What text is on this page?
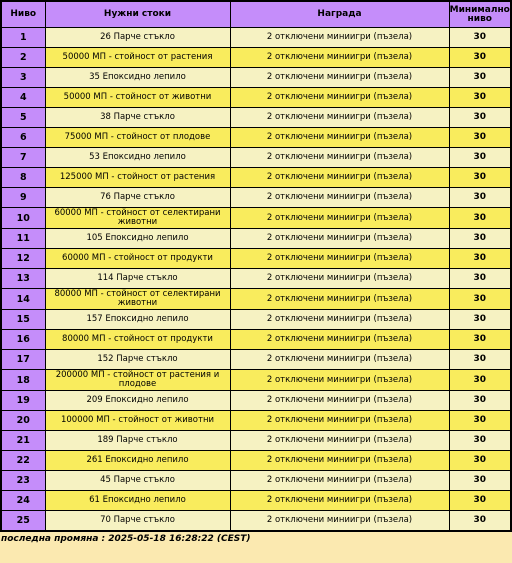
Ниво	Нужни стоки	Награда	Минимално ниво
1	26 Парче стъкло	2 отключени миниигри (пъзела)	30
2	50000 МП - стойност от растения	2 отключени миниигри (пъзела)	30
3	35 Епоксидно лепило	2 отключени миниигри (пъзела)	30
4	50000 МП - стойност от животни	2 отключени миниигри (пъзела)	30
5	38 Парче стъкло	2 отключени миниигри (пъзела)	30
6	75000 МП - стойност от плодове	2 отключени миниигри (пъзела)	30
7	53 Епоксидно лепило	2 отключени миниигри (пъзела)	30
8	125000 МП - стойност от растения	2 отключени миниигри (пъзела)	30
9	76 Парче стъкло	2 отключени миниигри (пъзела)	30
10	60000 МП - стойност от селектирани животни	2 отключени миниигри (пъзела)	30
11	105 Епоксидно лепило	2 отключени миниигри (пъзела)	30
12	60000 МП - стойност от продукти	2 отключени миниигри (пъзела)	30
13	114 Парче стъкло	2 отключени миниигри (пъзела)	30
14	80000 МП - стойност от селектирани животни	2 отключени миниигри (пъзела)	30
15	157 Епоксидно лепило	2 отключени миниигри (пъзела)	30
16	80000 МП - стойност от продукти	2 отключени миниигри (пъзела)	30
17	152 Парче стъкло	2 отключени миниигри (пъзела)	30
18	200000 МП - стойност от растения и плодове	2 отключени миниигри (пъзела)	30
19	209 Епоксидно лепило	2 отключени миниигри (пъзела)	30
20	100000 МП - стойност от животни	2 отключени миниигри (пъзела)	30
21	189 Парче стъкло	2 отключени миниигри (пъзела)	30
22	261 Епоксидно лепило	2 отключени миниигри (пъзела)	30
23	45 Парче стъкло	2 отключени миниигри (пъзела)	30
24	61 Епоксидно лепило	2 отключени миниигри (пъзела)	30
25	70 Парче стъкло	2 отключени миниигри (пъзела)	30
последна промяна : 2025-05-18 16:28:22 (CEST)
